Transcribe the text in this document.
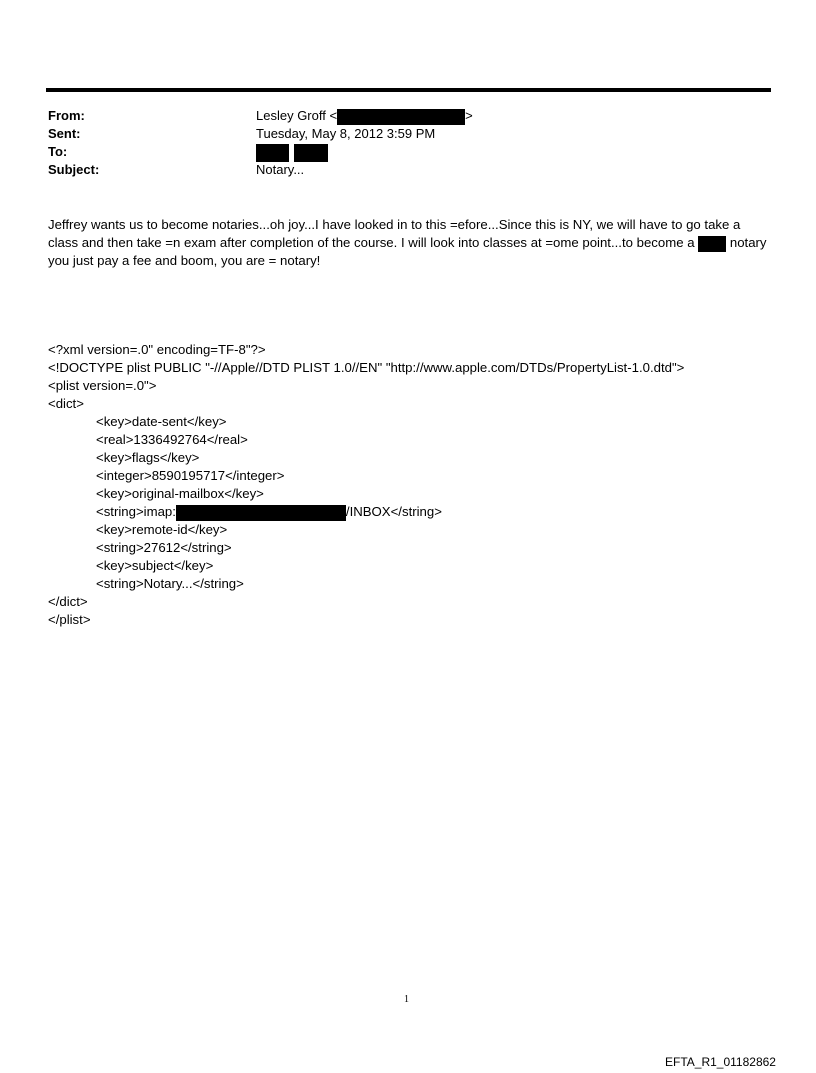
From:	Lesley Groff <	>
Sent:	Tuesday, May 8, 2012 3:59 PM
To:

Subject:	Notary...
Jeffrey wants us to become notaries...oh joy...I have looked in to this =efore...Since this is NY, we will have to go take a class and then take =n exam after completion of the course. I will look into classes at =ome point...to become a  notary you just pay a fee and boom, you are = notary!
<?xml version=.0" encoding=TF-8"?>
<!DOCTYPE plist PUBLIC "-//Apple//DTD PLIST 1.0//EN" "http://www.apple.com/DTDs/PropertyList-1.0.dtd">
<plist version=.0">
<dict>
<key>date-sent</key>
<real>1336492764</real>
<key>flags</key>
<integer>8590195717</integer>
<key>original-mailbox</key>
<string>imap:	/INBOX</string>
<key>remote-id</key>
<string>27612</string>
<key>subject</key>
<string>Notary...</string>
</dict>
</plist>
1
EFTA_R1_01182862
